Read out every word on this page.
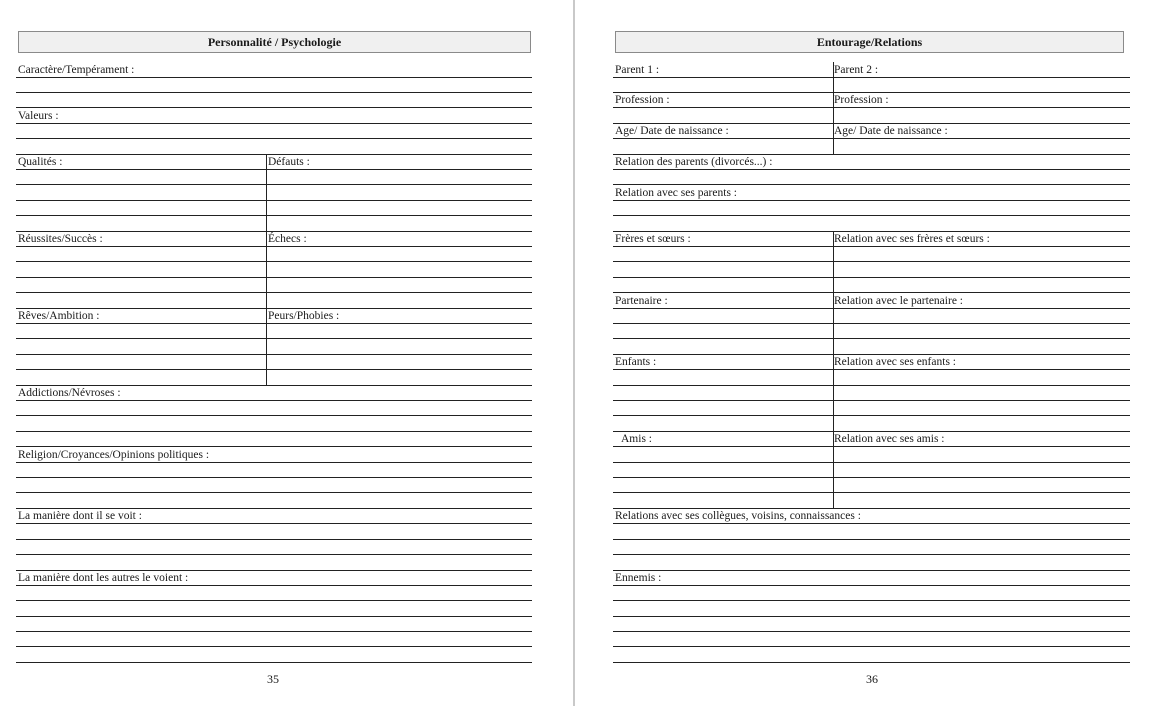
Personnalité / Psychologie
Caractère/Tempérament :
Valeurs :
Qualités :	Défauts :
Réussites/Succès :	Échecs :
Rêves/Ambition :	Peurs/Phobies :
Addictions/Névroses :
Religion/Croyances/Opinions politiques :
La manière dont il se voit :
La manière dont les autres le voient :
35
Entourage/Relations
Parent 1 :	Parent 2 :
Profession :	Profession :
Age/ Date de naissance :	Age/ Date de naissance :
Relation des parents (divorcés...) :
Relation avec ses parents :
Frères et sœurs :	Relation avec ses frères et sœurs :
Partenaire :	Relation avec le partenaire :
Enfants :	Relation avec ses enfants :
Amis :	Relation avec ses amis :
Relations avec ses collègues, voisins, connaissances :
Ennemis :
36
